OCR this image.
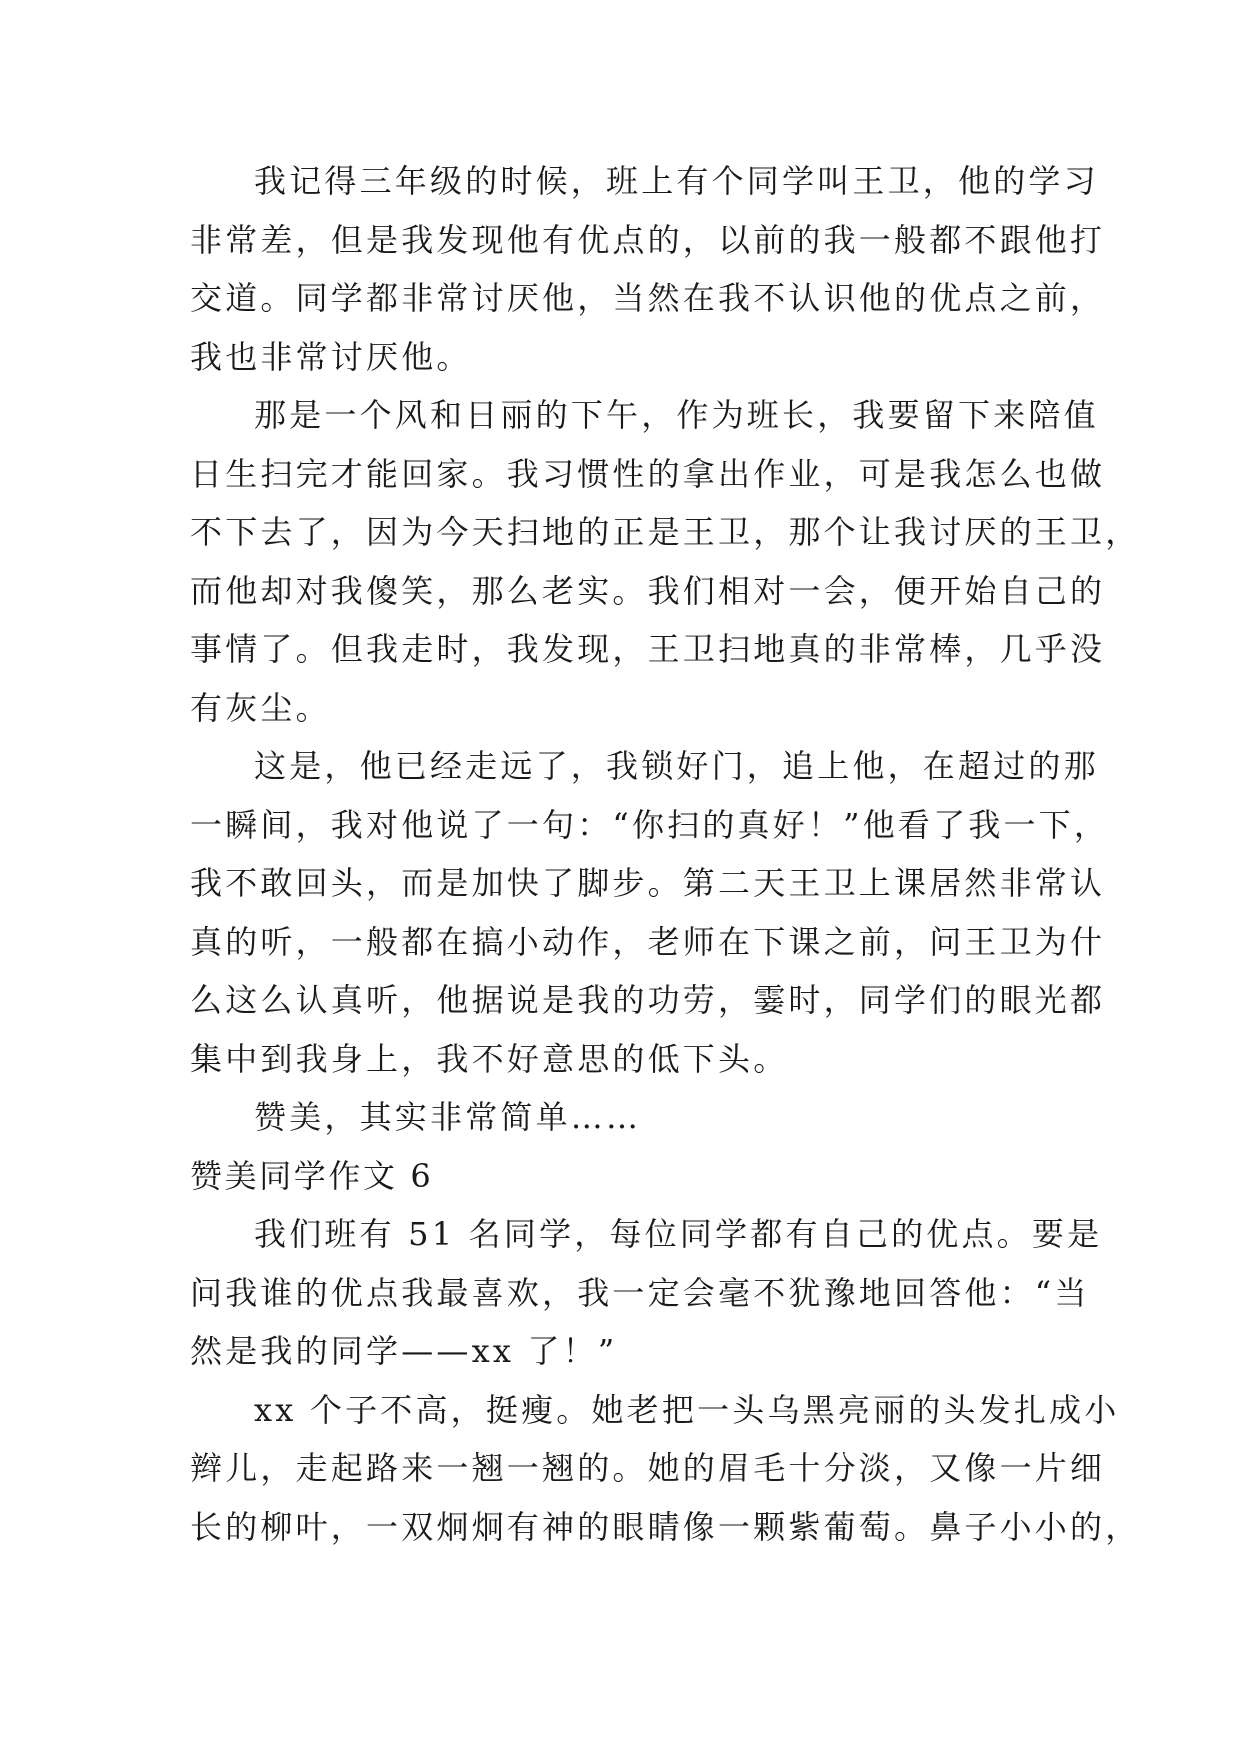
我记得三年级的时候，班上有个同学叫王卫，他的学习
非常差，但是我发现他有优点的，以前的我一般都不跟他打
交道。同学都非常讨厌他，当然在我不认识他的优点之前，
我也非常讨厌他。
那是一个风和日丽的下午，作为班长，我要留下来陪值
日生扫完才能回家。我习惯性的拿出作业，可是我怎么也做
不下去了，因为今天扫地的正是王卫，那个让我讨厌的王卫，
而他却对我傻笑，那么老实。我们相对一会，便开始自己的
事情了。但我走时，我发现，王卫扫地真的非常棒，几乎没
有灰尘。
这是，他已经走远了，我锁好门，追上他，在超过的那
一瞬间，我对他说了一句：“你扫的真好！”他看了我一下，
我不敢回头，而是加快了脚步。第二天王卫上课居然非常认
真的听，一般都在搞小动作，老师在下课之前，问王卫为什
么这么认真听，他据说是我的功劳，霎时，同学们的眼光都
集中到我身上，我不好意思的低下头。
赞美，其实非常简单……
赞美同学作文 6
我们班有 51 名同学，每位同学都有自己的优点。要是
问我谁的优点我最喜欢，我一定会毫不犹豫地回答他：“当
然是我的同学——xx 了！”
xx 个子不高，挺瘦。她老把一头乌黑亮丽的头发扎成小
辫儿，走起路来一翘一翘的。她的眉毛十分淡，又像一片细
长的柳叶，一双炯炯有神的眼睛像一颗紫葡萄。鼻子小小的，
